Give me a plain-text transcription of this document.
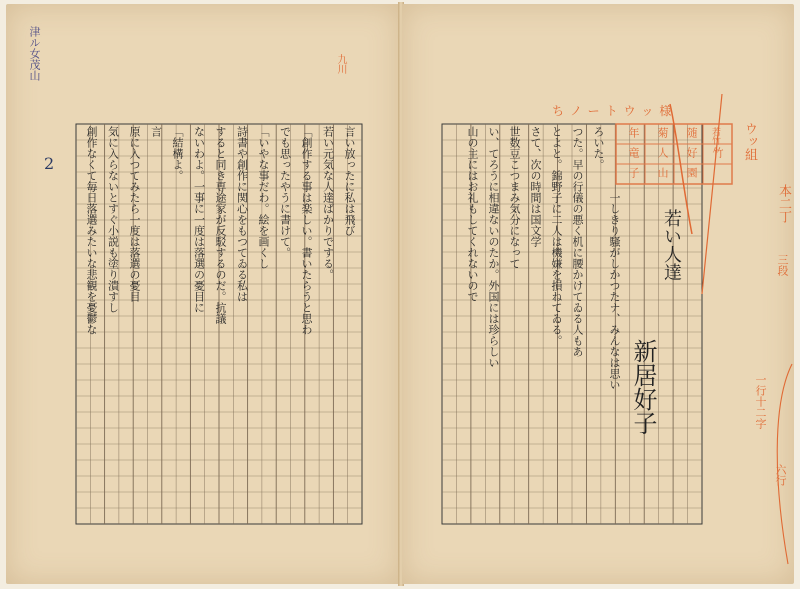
津ル女茂山
2
九川
言い放ったに私は飛び
若い元気な人達ばかりでする。
「創作する事は楽しい。書いたらうと思わ
でも思ったやうに書けて。
「いやな事だわ。絵を画くし
詩書や創作に関心をもつてゐる私は
すると同き専途家が反駁するのだ。抗議
ないわよ。一事に一度は落選の憂目に
「結構よ。
言
原に入つてみたら一度は落選の憂目
気に入らないとすぐ小説も塗り潰すし
創作なくて毎日落選みたいな悲観を憂鬱な
ちノートウッ様
年 菊 随 若竹
竜 人 好
子 山 園
竹 ウッ組
本二丁
三段
一行十二字
六行
若い人達
新居好子
一しきり騒がしかつたナ、みんなは思い
ろいた。
つた。早の行儀の悪く机に腰かけてゐる人もあ
とよと。錦野子に二人は機嫌を損ねてゐる。
さて、次の時間は国文学
世数豆こつまみ気分になって
い、てろうに相違ないのたか。外国には珍らしい
山の主にはお礼もしてくれないので
